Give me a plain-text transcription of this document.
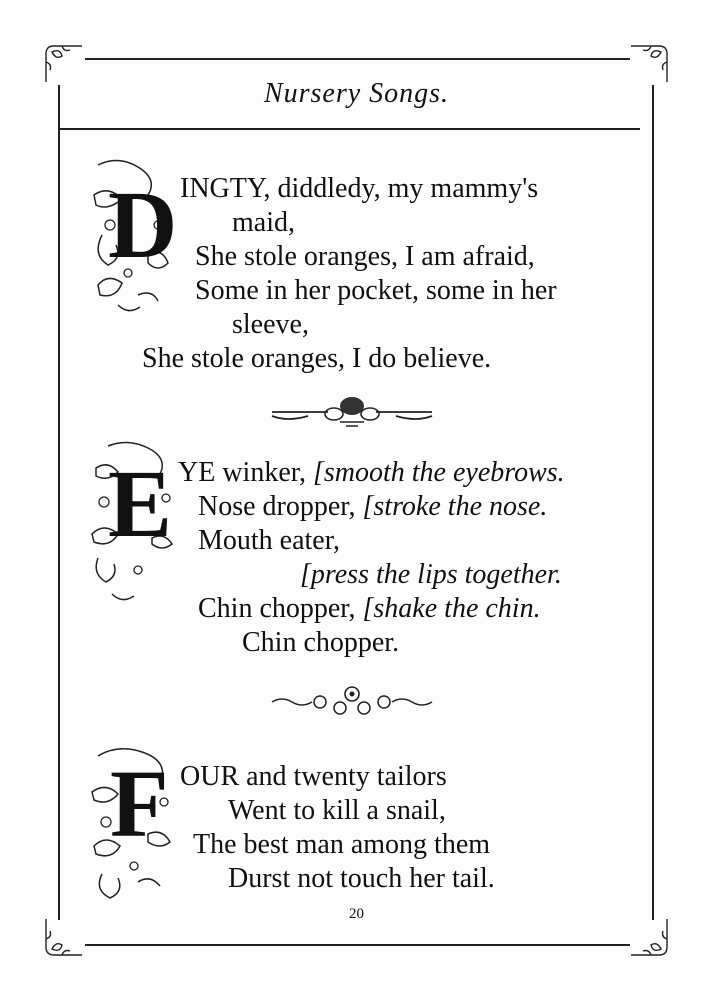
Nursery Songs.
D INGTY, diddledy, my mammy's
maid,
She stole oranges, I am afraid,
Some in her pocket, some in her
sleeve,
She stole oranges, I do believe.
E YE winker, [smooth the eyebrows.
Nose dropper, [stroke the nose.
Mouth eater,
[press the lips together.
Chin chopper, [shake the chin.
Chin chopper.
F OUR and twenty tailors
Went to kill a snail,
The best man among them
Durst not touch her tail.
20
